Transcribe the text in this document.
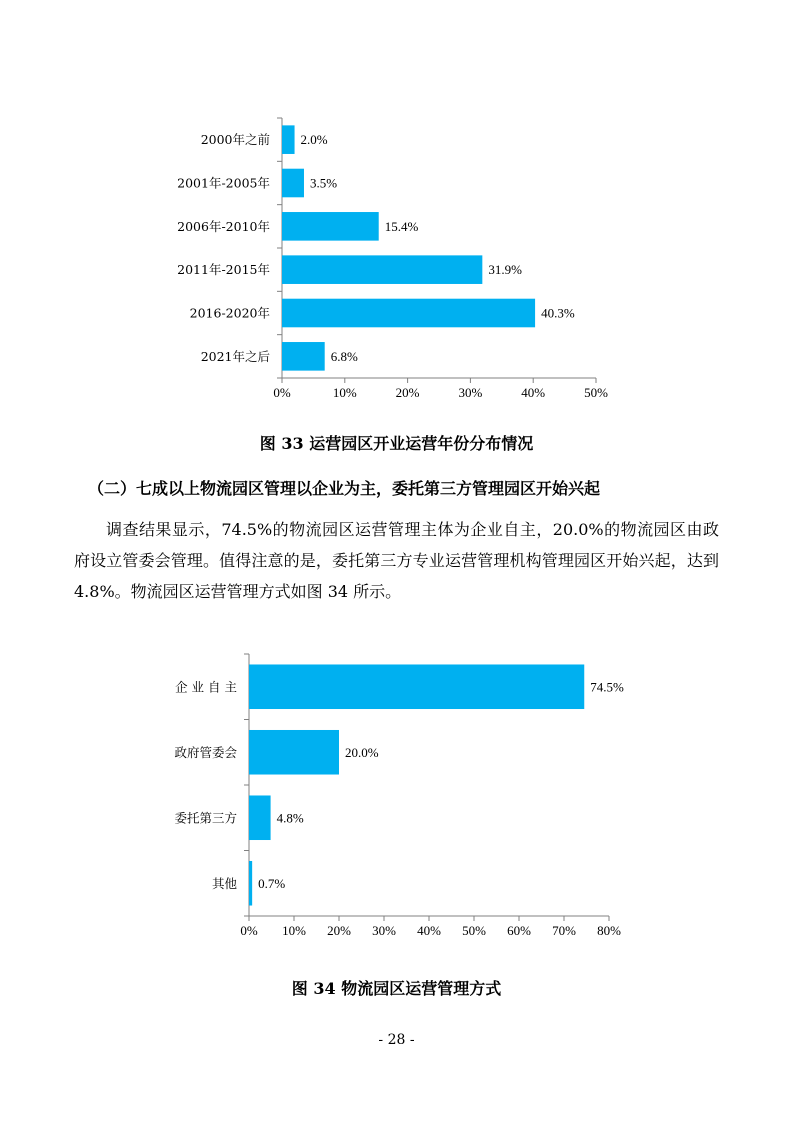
0%	10%	20%	30%	40%	50%
2.0%
2000年之前
3.5%
2001年-2005年
15.4%
2006年-2010年
31.9%
2011年-2015年
40.3%
2016-2020年
6.8%
2021年之后
图 33 运营园区开业运营年份分布情况
（二）七成以上物流园区管理以企业为主，委托第三方管理园区开始兴起

调查结果显示，74.5%的物流园区运营管理主体为企业自主，20.0%的物流园区由政府设立管委会管理。值得注意的是，委托第三方专业运营管理机构管理园区开始兴起，达到 4.8%。物流园区运营管理方式如图 34 所示。

0% 10% 20% 30% 40% 50% 60% 70% 80%
74.5%
企 业 自 主
20.0%
政府管委会
4.8%
委托第三方
0.7%
其他
图 34 物流园区运营管理方式
- 28 -
